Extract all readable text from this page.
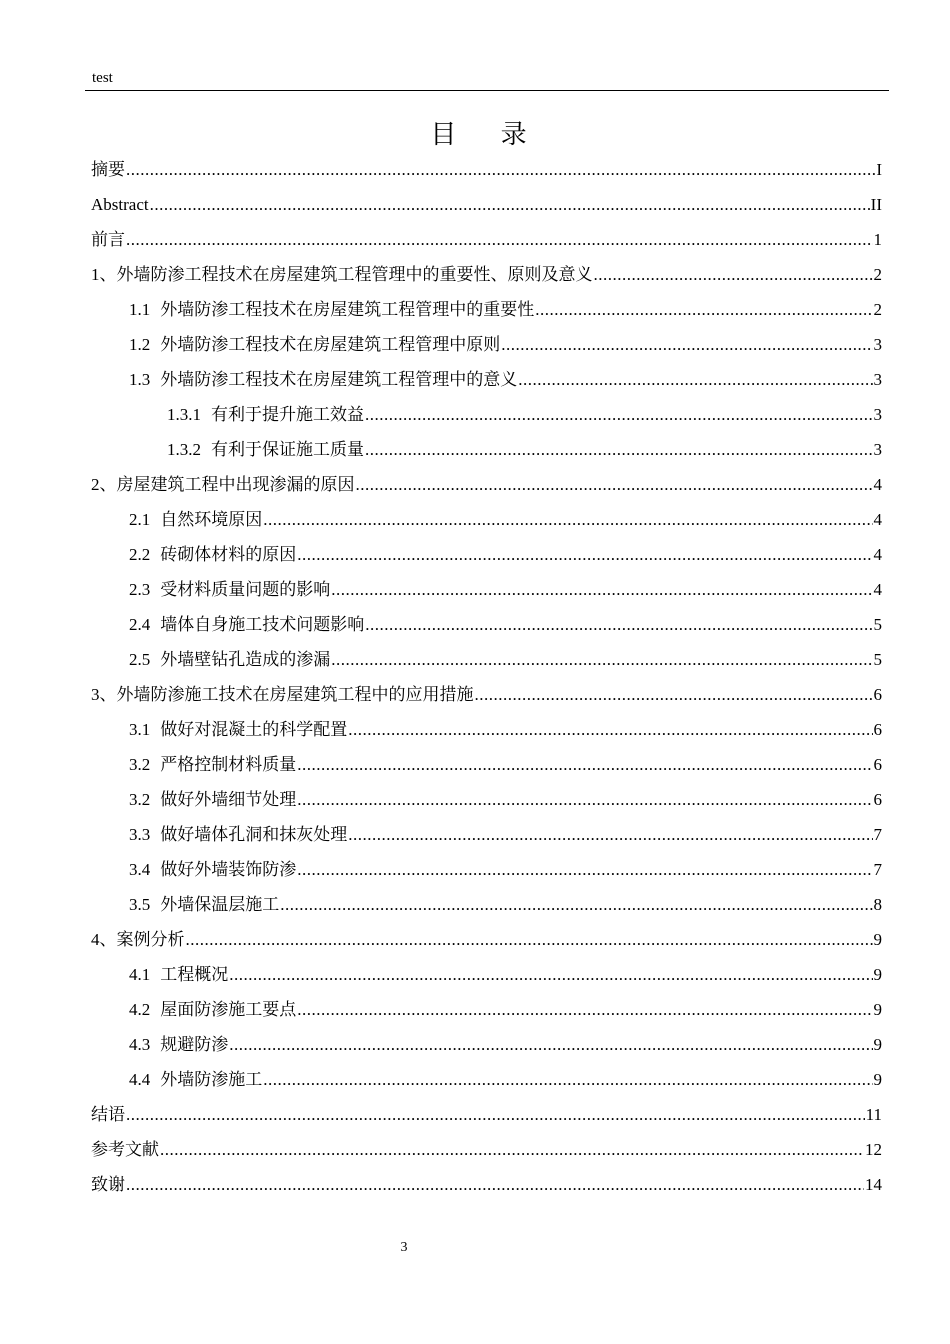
test
目 录
摘要 .....	I
Abstract .....	II
前言 .....	1
1、外墙防渗工程技术在房屋建筑工程管理中的重要性、原则及意义 .....	2
1.1 外墙防渗工程技术在房屋建筑工程管理中的重要性 .....	2
1.2 外墙防渗工程技术在房屋建筑工程管理中原则 .....	3
1.3 外墙防渗工程技术在房屋建筑工程管理中的意义 .....	3
1.3.1 有利于提升施工效益 .....	3
1.3.2 有利于保证施工质量 .....	3
2、房屋建筑工程中出现渗漏的原因 .....	4
2.1 自然环境原因 .....	4
2.2 砖砌体材料的原因 .....	4
2.3 受材料质量问题的影响 .....	4
2.4 墙体自身施工技术问题影响 .....	5
2.5 外墙壁钻孔造成的渗漏 .....	5
3、外墙防渗施工技术在房屋建筑工程中的应用措施 .....	6
3.1 做好对混凝土的科学配置 .....	6
3.2 严格控制材料质量 .....	6
3.2 做好外墙细节处理 .....	6
3.3 做好墙体孔洞和抹灰处理 .....	7
3.4 做好外墙装饰防渗 .....	7
3.5 外墙保温层施工 .....	8
4、案例分析 .....	9
4.1 工程概况 .....	9
4.2 屋面防渗施工要点 .....	9
4.3 规避防渗 .....	9
4.4 外墙防渗施工 .....	9
结语 .....	11
参考文献 .....	12
致谢 .....	14
3
